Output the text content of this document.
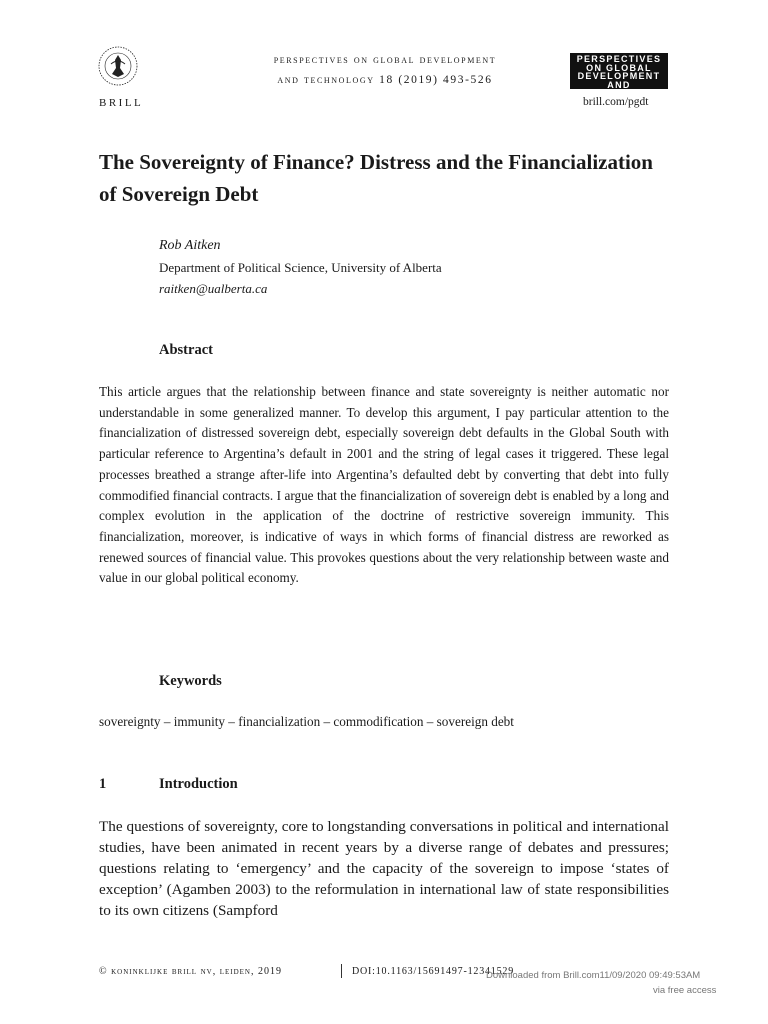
BRILL
perspectives on global development
and technology 18 (2019) 493-526
PERSPECTIVES
ON GLOBAL
DEVELOPMENT
AND
TECHNOLOGY
brill.com/pgdt
The Sovereignty of Finance? Distress and the Financialization of Sovereign Debt
Rob Aitken
Department of Political Science, University of Alberta
raitken@ualberta.ca
Abstract
This article argues that the relationship between finance and state sovereignty is neither automatic nor understandable in some generalized manner. To develop this argument, I pay particular attention to the financialization of distressed sovereign debt, especially sovereign debt defaults in the Global South with particular reference to Argentina’s default in 2001 and the string of legal cases it triggered. These legal processes breathed a strange after-life into Argentina’s defaulted debt by converting that debt into fully commodified financial contracts. I argue that the financialization of sovereign debt is enabled by a long and complex evolution in the application of the doctrine of restrictive sovereign immunity. This financialization, moreover, is indicative of ways in which forms of financial distress are reworked as renewed sources of financial value. This provokes questions about the very relationship between waste and value in our global political economy.
Keywords
sovereignty – immunity – financialization – commodification – sovereign debt
1	Introduction
The questions of sovereignty, core to longstanding conversations in political and international studies, have been animated in recent years by a diverse range of debates and pressures; questions relating to ‘emergency’ and the capacity of the sovereign to impose ‘states of exception’ (Agamben 2003) to the reformulation in international law of state responsibilities to its own citizens (Sampford
© koninklijke brill nv, leiden, 2019	DOI:10.1163/15691497-12341529
Downloaded from Brill.com11/09/2020 09:49:53AM
via free access
